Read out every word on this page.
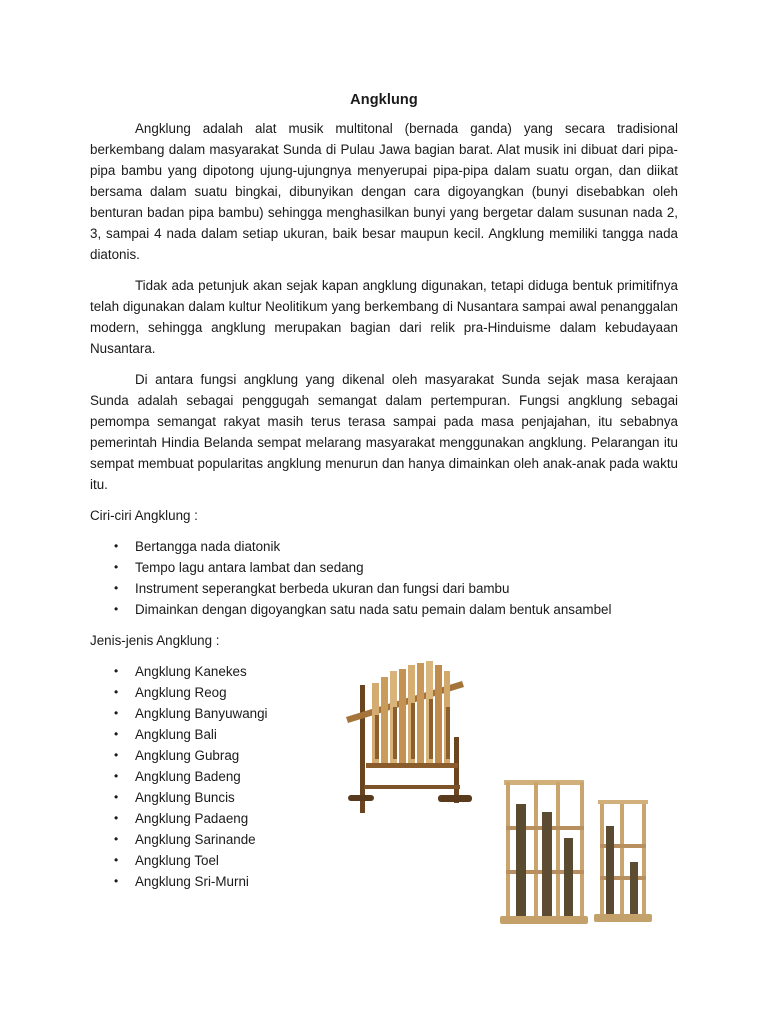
Angklung

Angklung adalah alat musik multitonal (bernada ganda) yang secara tradisional berkembang dalam masyarakat Sunda di Pulau Jawa bagian barat. Alat musik ini dibuat dari pipa-pipa bambu yang dipotong ujung-ujungnya menyerupai pipa-pipa dalam suatu organ, dan diikat bersama dalam suatu bingkai, dibunyikan dengan cara digoyangkan (bunyi disebabkan oleh benturan badan pipa bambu) sehingga menghasilkan bunyi yang bergetar dalam susunan nada 2, 3, sampai 4 nada dalam setiap ukuran, baik besar maupun kecil. Angklung memiliki tangga nada diatonis.

Tidak ada petunjuk akan sejak kapan angklung digunakan, tetapi diduga bentuk primitifnya telah digunakan dalam kultur Neolitikum yang berkembang di Nusantara sampai awal penanggalan modern, sehingga angklung merupakan bagian dari relik pra-Hinduisme dalam kebudayaan Nusantara.

Di antara fungsi angklung yang dikenal oleh masyarakat Sunda sejak masa kerajaan Sunda adalah sebagai penggugah semangat dalam pertempuran. Fungsi angklung sebagai pemompa semangat rakyat masih terus terasa sampai pada masa penjajahan, itu sebabnya pemerintah Hindia Belanda sempat melarang masyarakat menggunakan angklung. Pelarangan itu sempat membuat popularitas angklung menurun dan hanya dimainkan oleh anak-anak pada waktu itu.

Ciri-ciri Angklung :
• Bertangga nada diatonik
• Tempo lagu antara lambat dan sedang
• Instrument seperangkat berbeda ukuran dan fungsi dari bambu
• Dimainkan dengan digoyangkan satu nada satu pemain dalam bentuk ansambel
Jenis-jenis Angklung :
• Angklung Kanekes
• Angklung Reog
• Angklung Banyuwangi
• Angklung Bali
• Angklung Gubrag
• Angklung Badeng
• Angklung Buncis
• Angklung Padaeng
• Angklung Sarinande
• Angklung Toel
• Angklung Sri-Murni
